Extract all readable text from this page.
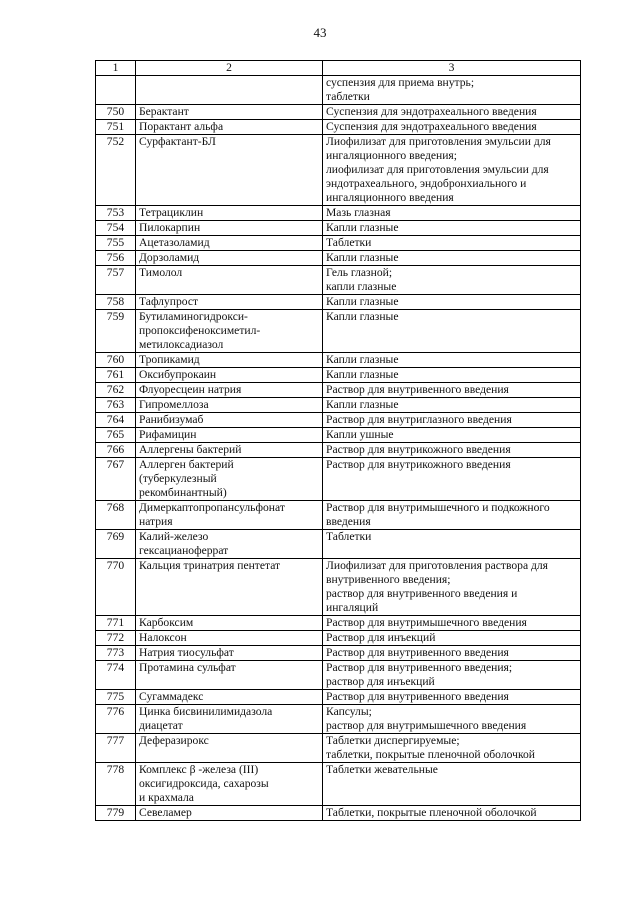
43
1	2	3

		суспензия для приема внутрь;
таблетки

750	Берактант	Суспензия для эндотрахеального введения

751	Порактант альфа	Суспензия для эндотрахеального введения

752	Сурфактант-БЛ	Лиофилизат для приготовления эмульсии для
ингаляционного введения;
лиофилизат для приготовления эмульсии для
эндотрахеального, эндобронхиального и
ингаляционного введения

753	Тетрациклин	Мазь глазная

754	Пилокарпин	Капли глазные

755	Ацетазоламид	Таблетки

756	Дорзоламид	Капли глазные

757	Тимолол	Гель глазной;
капли глазные

758	Тафлупрост	Капли глазные

759	Бутиламиногидрокси-
пропоксифеноксиметил-
метилоксадиазол	Капли глазные

760	Тропикамид	Капли глазные

761	Оксибупрокаин	Капли глазные

762	Флуоресцеин натрия	Раствор для внутривенного введения

763	Гипромеллоза	Капли глазные

764	Ранибизумаб	Раствор для внутриглазного введения

765	Рифамицин	Капли ушные

766	Аллергены бактерий	Раствор для внутрикожного введения

767	Аллерген бактерий
(туберкулезный
рекомбинантный)	Раствор для внутрикожного введения

768	Димеркаптопропансульфонат
натрия	Раствор для внутримышечного и подкожного
введения

769	Калий-железо
гексацианоферрат	Таблетки

770	Кальция тринатрия пентетат	Лиофилизат для приготовления раствора для
внутривенного введения;
раствор для внутривенного введения и
ингаляций

771	Карбоксим	Раствор для внутримышечного введения

772	Налоксон	Раствор для инъекций

773	Натрия тиосульфат	Раствор для внутривенного введения

774	Протамина сульфат	Раствор для внутривенного введения;
раствор для инъекций

775	Сугаммадекс	Раствор для внутривенного введения

776	Цинка бисвинилимидазола
диацетат	Капсулы;
раствор для внутримышечного введения

777	Деферазирокс	Таблетки диспергируемые;
таблетки, покрытые пленочной оболочкой

778	Комплекс β -железа (III)
оксигидроксида, сахарозы
и крахмала	Таблетки жевательные

779	Севеламер	Таблетки, покрытые пленочной оболочкой
